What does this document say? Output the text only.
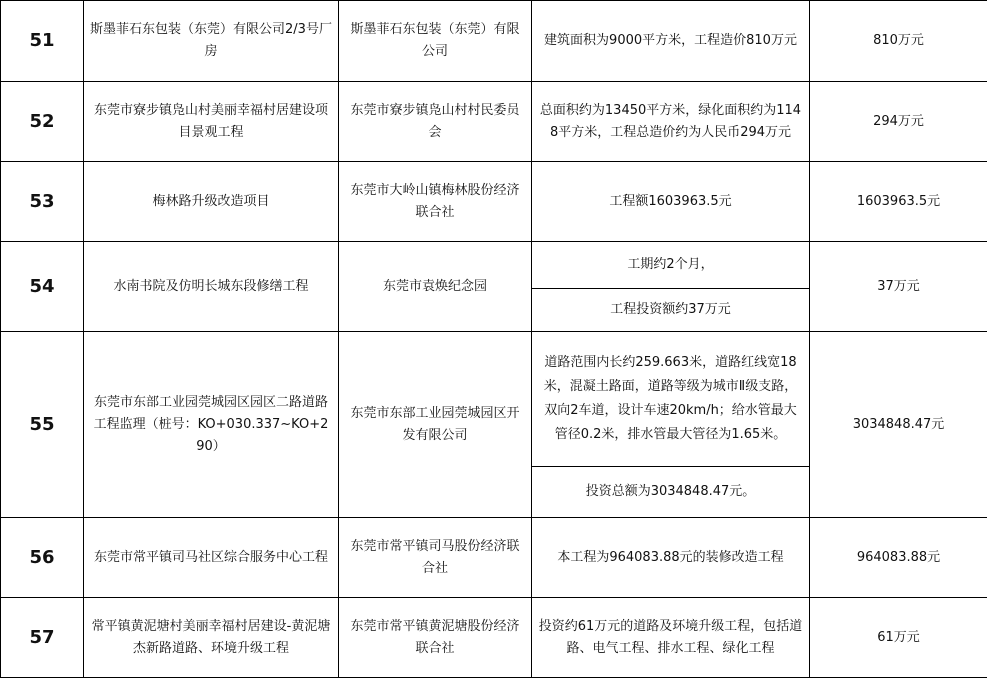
51	斯墨菲石东包装（东莞）有限公司2/3号厂房	斯墨菲石东包装（东莞）有限公司	建筑面积为9000平方米，工程造价810万元	810万元
52	东莞市寮步镇凫山村美丽幸福村居建设项目景观工程	东莞市寮步镇凫山村村民委员会	总面积约为13450平方米，绿化面积约为1148平方米，工程总造价约为人民币294万元	294万元
53	梅林路升级改造项目	东莞市大岭山镇梅林股份经济联合社	工程额1603963.5元	1603963.5元
54	水南书院及仿明长城东段修缮工程	东莞市袁焕纪念园	工期约2个月，	37万元
			工程投资额约37万元	
55	东莞市东部工业园莞城园区园区二路道路工程监理（桩号：KO+030.337~KO+290）	东莞市东部工业园莞城园区开发有限公司	道路范围内长约259.663米，道路红线宽18米，混凝土路面，道路等级为城市Ⅱ级支路，双向2车道，设计车速20km/h；给水管最大管径0.2米，排水管最大管径为1.65米。	3034848.47元
			投资总额为3034848.47元。	
56	东莞市常平镇司马社区综合服务中心工程	东莞市常平镇司马股份经济联合社	本工程为964083.88元的装修改造工程	964083.88元
57	常平镇黄泥塘村美丽幸福村居建设-黄泥塘杰新路道路、环境升级工程	东莞市常平镇黄泥塘股份经济联合社	投资约61万元的道路及环境升级工程，包括道路、电气工程、排水工程、绿化工程	61万元
